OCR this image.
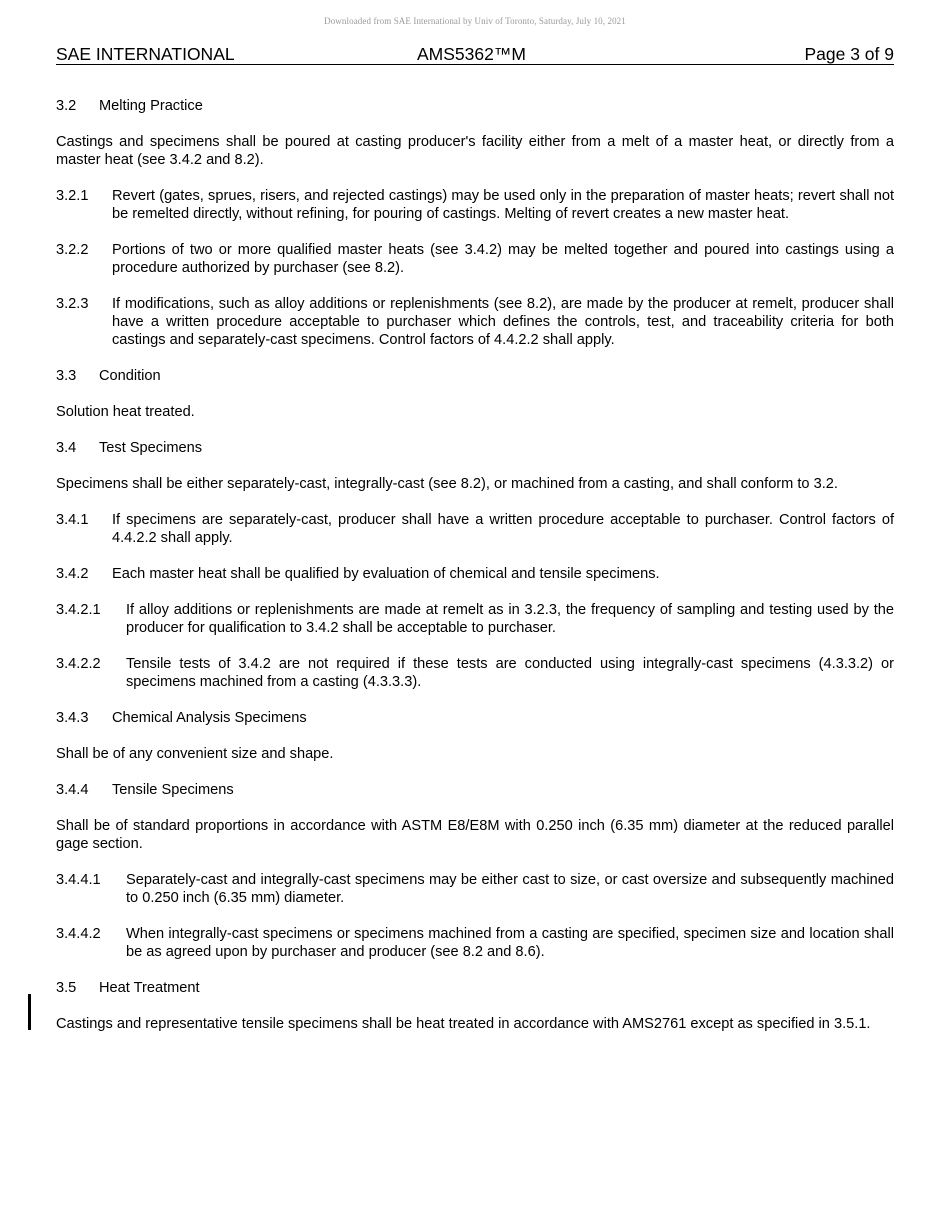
Downloaded from SAE International by Univ of Toronto, Saturday, July 10, 2021
SAE INTERNATIONAL	AMS5362™M	Page 3 of 9
3.2	Melting Practice
Castings and specimens shall be poured at casting producer's facility either from a melt of a master heat, or directly from a master heat (see 3.4.2 and 8.2).
3.2.1	Revert (gates, sprues, risers, and rejected castings) may be used only in the preparation of master heats; revert shall not be remelted directly, without refining, for pouring of castings. Melting of revert creates a new master heat.
3.2.2	Portions of two or more qualified master heats (see 3.4.2) may be melted together and poured into castings using a procedure authorized by purchaser (see 8.2).
3.2.3	If modifications, such as alloy additions or replenishments (see 8.2), are made by the producer at remelt, producer shall have a written procedure acceptable to purchaser which defines the controls, test, and traceability criteria for both castings and separately-cast specimens. Control factors of 4.4.2.2 shall apply.
3.3	Condition
Solution heat treated.
3.4	Test Specimens
Specimens shall be either separately-cast, integrally-cast (see 8.2), or machined from a casting, and shall conform to 3.2.
3.4.1	If specimens are separately-cast, producer shall have a written procedure acceptable to purchaser. Control factors of 4.4.2.2 shall apply.
3.4.2	Each master heat shall be qualified by evaluation of chemical and tensile specimens.
3.4.2.1	If alloy additions or replenishments are made at remelt as in 3.2.3, the frequency of sampling and testing used by the producer for qualification to 3.4.2 shall be acceptable to purchaser.
3.4.2.2	Tensile tests of 3.4.2 are not required if these tests are conducted using integrally-cast specimens (4.3.3.2) or specimens machined from a casting (4.3.3.3).
3.4.3	Chemical Analysis Specimens
Shall be of any convenient size and shape.
3.4.4	Tensile Specimens
Shall be of standard proportions in accordance with ASTM E8/E8M with 0.250 inch (6.35 mm) diameter at the reduced parallel gage section.
3.4.4.1	Separately-cast and integrally-cast specimens may be either cast to size, or cast oversize and subsequently machined to 0.250 inch (6.35 mm) diameter.
3.4.4.2	When integrally-cast specimens or specimens machined from a casting are specified, specimen size and location shall be as agreed upon by purchaser and producer (see 8.2 and 8.6).
3.5	Heat Treatment
Castings and representative tensile specimens shall be heat treated in accordance with AMS2761 except as specified in 3.5.1.
